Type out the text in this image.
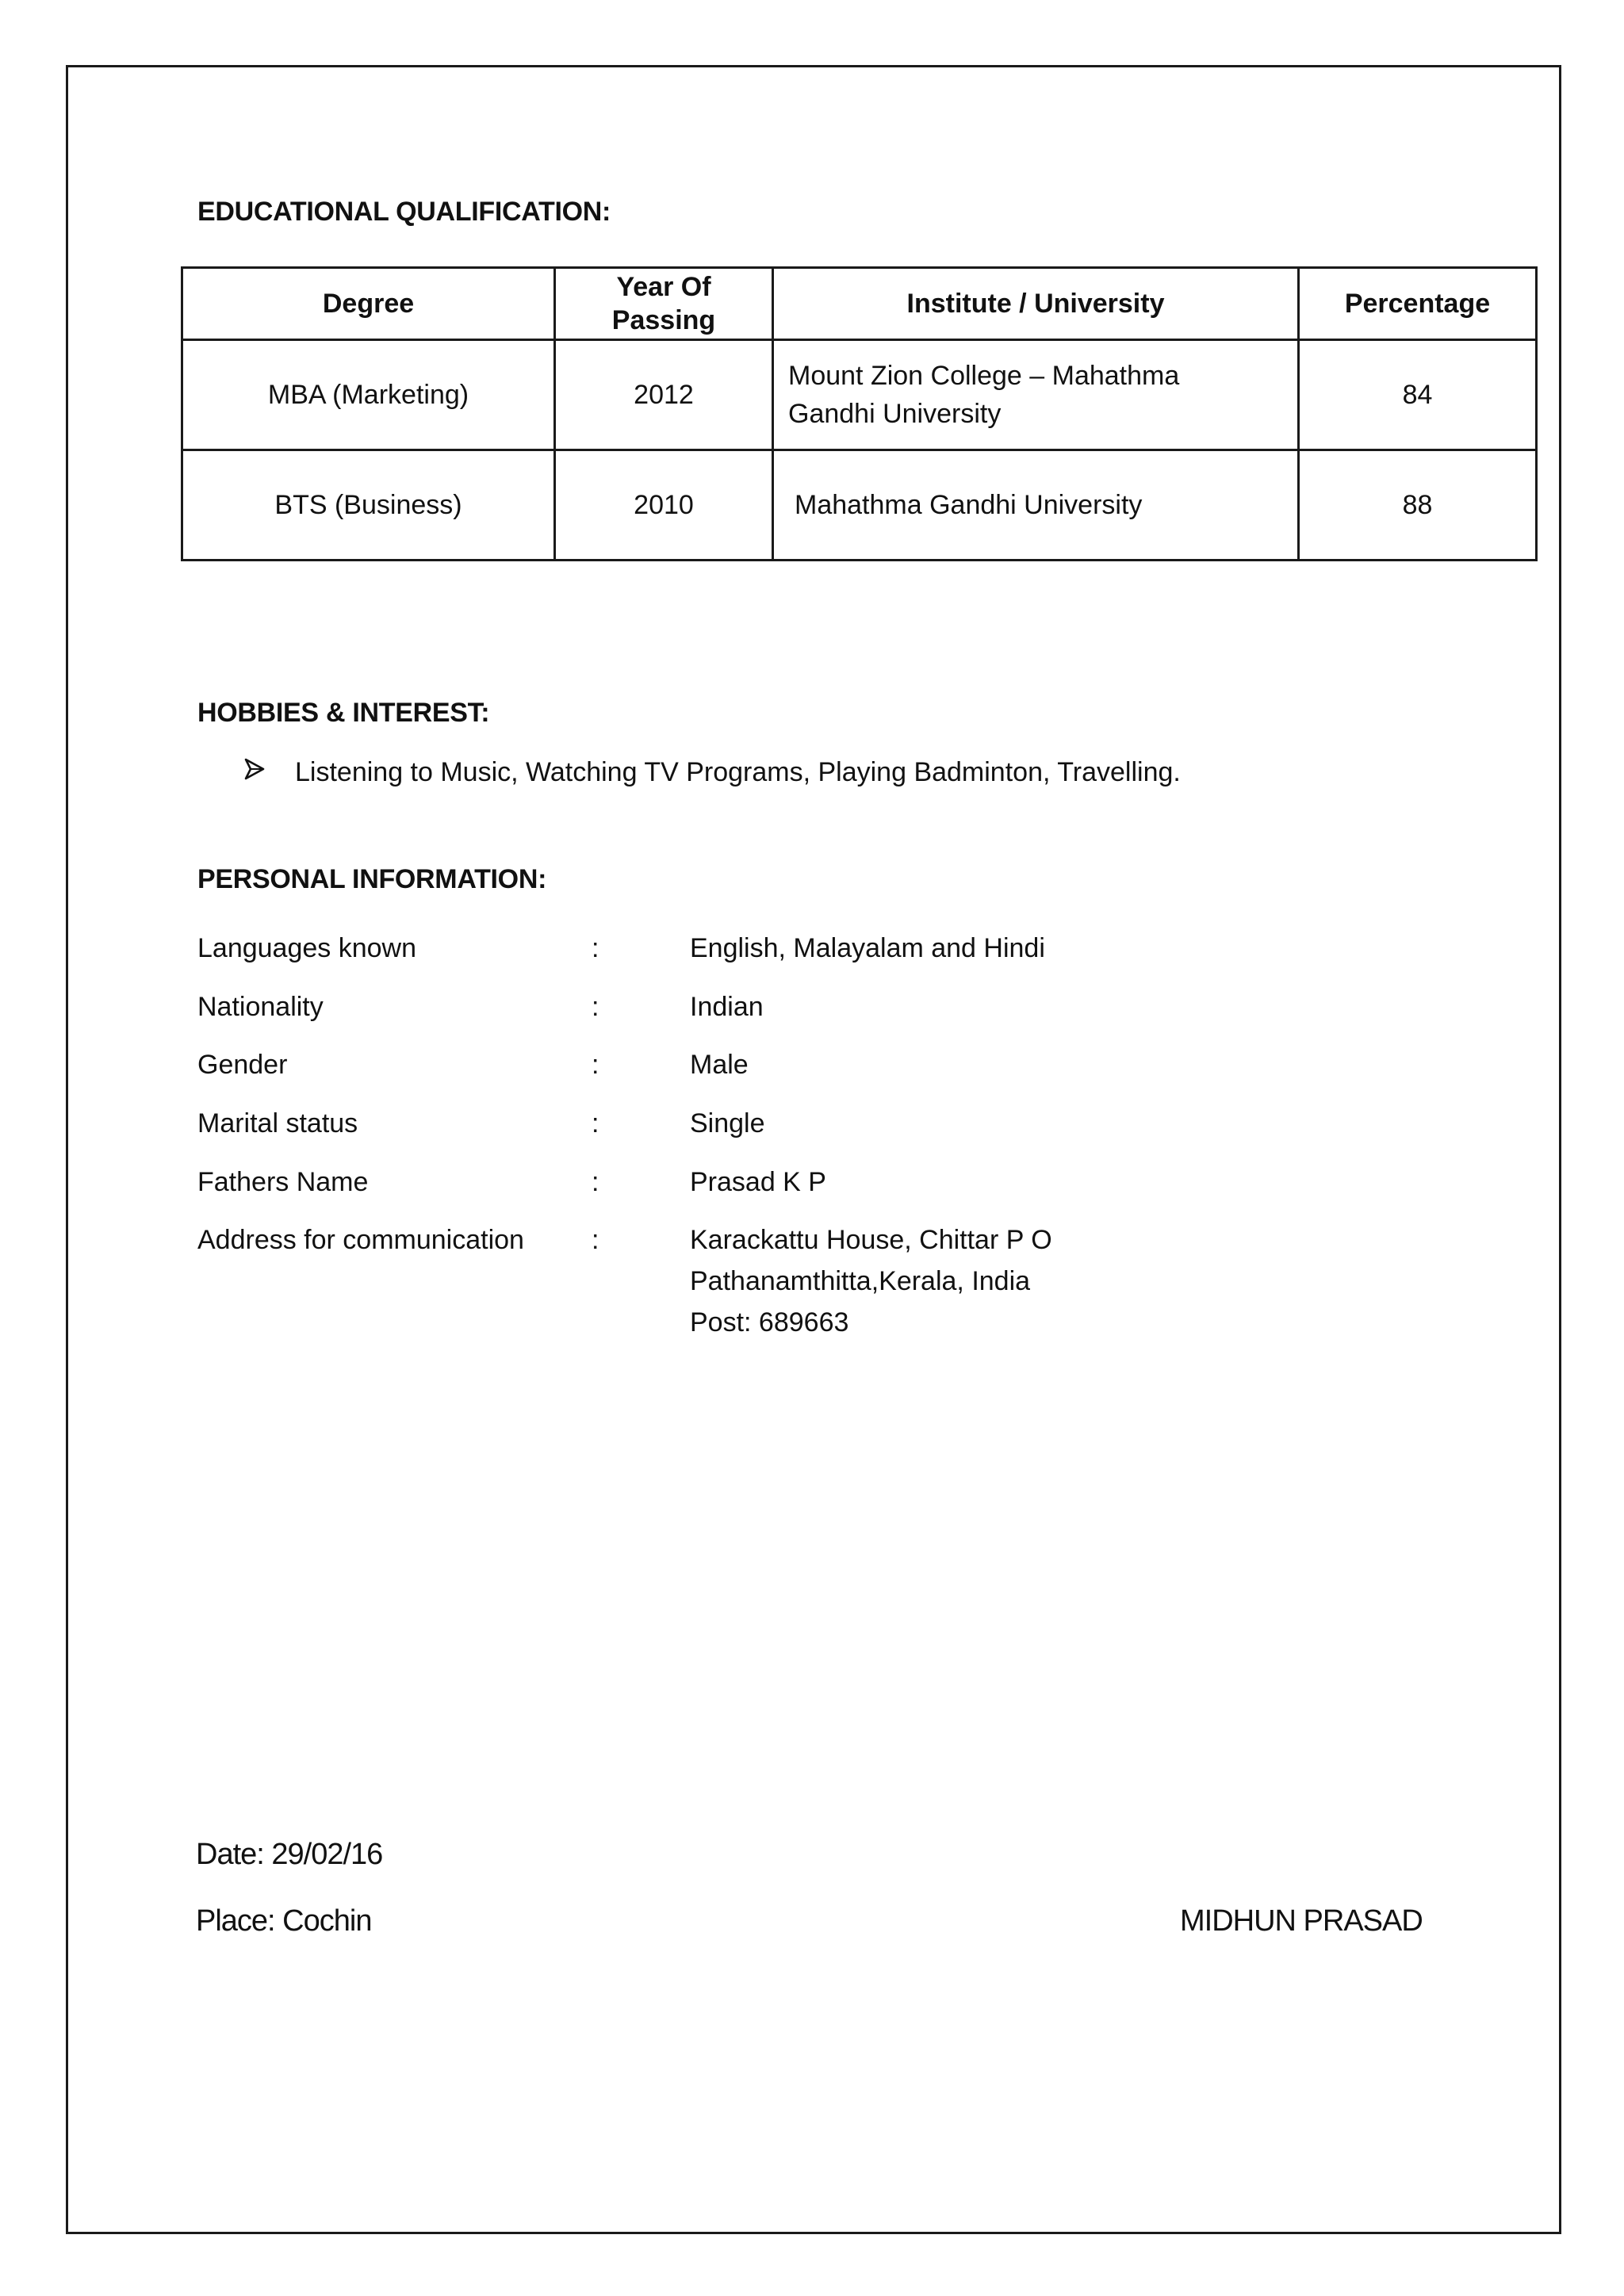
EDUCATIONAL QUALIFICATION:
Degree	Year Of Passing	Institute / University	Percentage
MBA (Marketing)	2012	Mount Zion College – Mahathma Gandhi University	84
BTS (Business)	2010	Mahathma Gandhi University	88
HOBBIES & INTEREST:
Listening to Music, Watching TV Programs, Playing Badminton, Travelling.
PERSONAL INFORMATION:
Languages known	:	English, Malayalam and Hindi
Nationality	:	Indian
Gender	:	Male
Marital status	:	Single
Fathers Name	:	Prasad K P
Address for communication	:	Karackattu House, Chittar P O
Pathanamthitta,Kerala, India
Post: 689663
Date: 29/02/16
Place: Cochin	MIDHUN PRASAD
